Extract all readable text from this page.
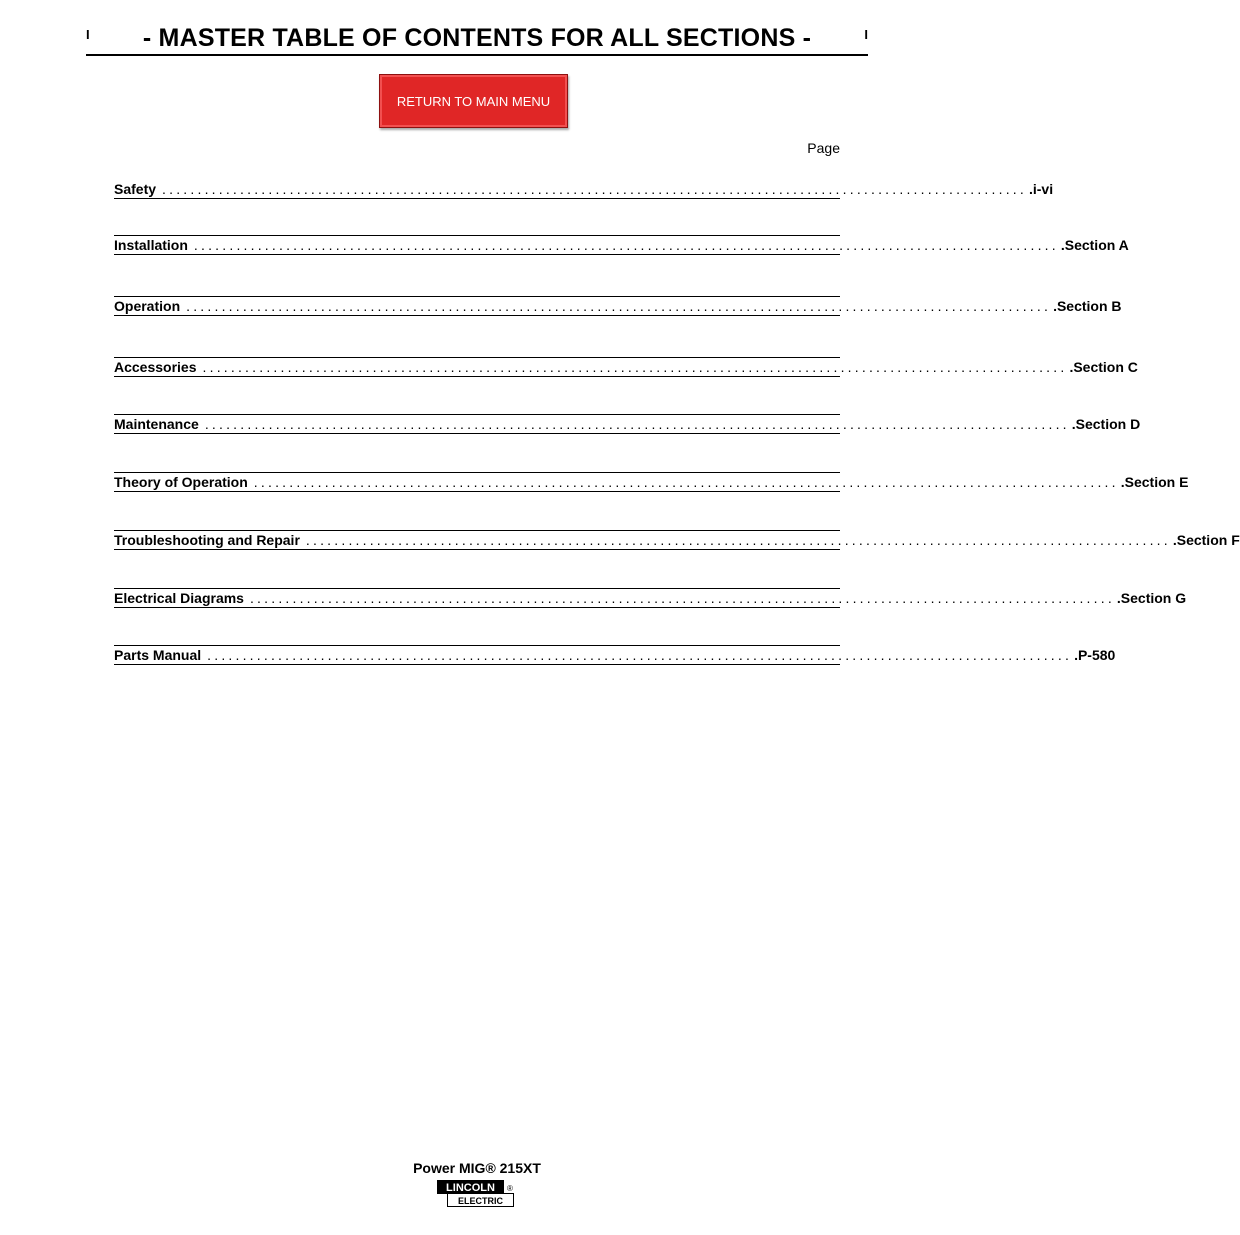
I	- MASTER TABLE OF CONTENTS FOR ALL SECTIONS -	I
RETURN TO MAIN MENU
Page
Safety .......................................................................................................................... .i-vi
Installation .......................................................................................................................... .Section A
Operation .......................................................................................................................... .Section B
Accessories .......................................................................................................................... .Section C
Maintenance .......................................................................................................................... .Section D
Theory of Operation .......................................................................................................................... .Section E
Troubleshooting and Repair .......................................................................................................................... .Section F
Electrical Diagrams .......................................................................................................................... .Section G
Parts Manual .......................................................................................................................... .P-580
Power MIG® 215XT
LINCOLN
ELECTRIC
®
